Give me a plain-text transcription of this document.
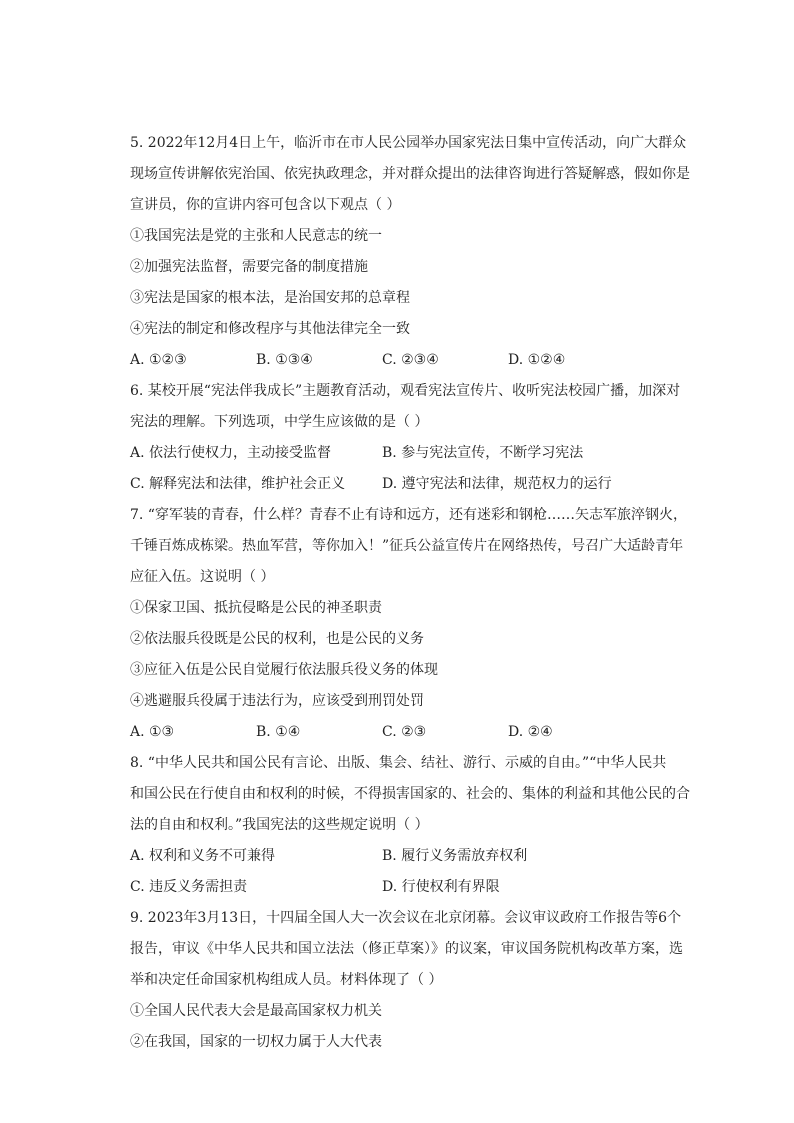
5. 2022年12月4日上午，临沂市在市人民公园举办国家宪法日集中宣传活动，向广大群众
现场宣传讲解依宪治国、依宪执政理念，并对群众提出的法律咨询进行答疑解惑，假如你是
宣讲员，你的宣讲内容可包含以下观点（ ）
①我国宪法是党的主张和人民意志的统一
②加强宪法监督，需要完备的制度措施
③宪法是国家的根本法，是治国安邦的总章程
④宪法的制定和修改程序与其他法律完全一致
A. ①②③	B. ①③④	C. ②③④	D. ①②④
6. 某校开展“宪法伴我成长”主题教育活动，观看宪法宣传片、收听宪法校园广播，加深对
宪法的理解。下列选项，中学生应该做的是（ ）
A. 依法行使权力，主动接受监督	B. 参与宪法宣传，不断学习宪法
C. 解释宪法和法律，维护社会正义	D. 遵守宪法和法律，规范权力的运行
7. “穿军装的青春，什么样？青春不止有诗和远方，还有迷彩和钢枪……矢志军旅淬钢火，
千锤百炼成栋梁。热血军营，等你加入！”征兵公益宣传片在网络热传，号召广大适龄青年
应征入伍。这说明（ ）
①保家卫国、抵抗侵略是公民的神圣职责
②依法服兵役既是公民的权利，也是公民的义务
③应征入伍是公民自觉履行依法服兵役义务的体现
④逃避服兵役属于违法行为，应该受到刑罚处罚
A. ①③	B. ①④	C. ②③	D. ②④
8. “中华人民共和国公民有言论、出版、集会、结社、游行、示威的自由。”“中华人民共
和国公民在行使自由和权利的时候，不得损害国家的、社会的、集体的利益和其他公民的合
法的自由和权利。”我国宪法的这些规定说明（ ）
A. 权利和义务不可兼得	B. 履行义务需放弃权利
C. 违反义务需担责	D. 行使权利有界限
9. 2023年3月13日，十四届全国人大一次会议在北京闭幕。会议审议政府工作报告等6个
报告，审议《中华人民共和国立法法（修正草案）》的议案，审议国务院机构改革方案，选
举和决定任命国家机构组成人员。材料体现了（ ）
①全国人民代表大会是最高国家权力机关
②在我国，国家的一切权力属于人大代表
